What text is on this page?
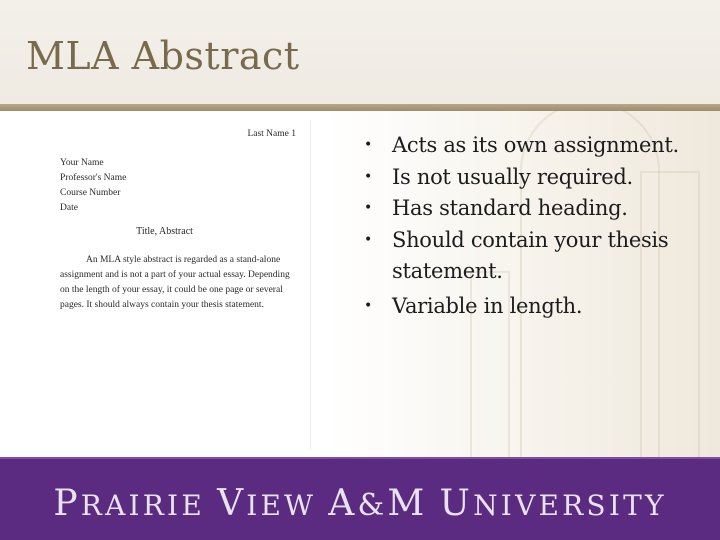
MLA Abstract
Last Name 1
Your Name
Professor's Name
Course Number
Date
Title, Abstract
An MLA style abstract is regarded as a stand-alone assignment and is not a part of your actual essay. Depending on the length of your essay, it could be one page or several pages. It should always contain your thesis statement.
• Acts as its own assignment.
• Is not usually required.
• Has standard heading.
• Should contain your thesis statement.
• Variable in length.
PRAIRIE VIEW A&M UNIVERSITY
